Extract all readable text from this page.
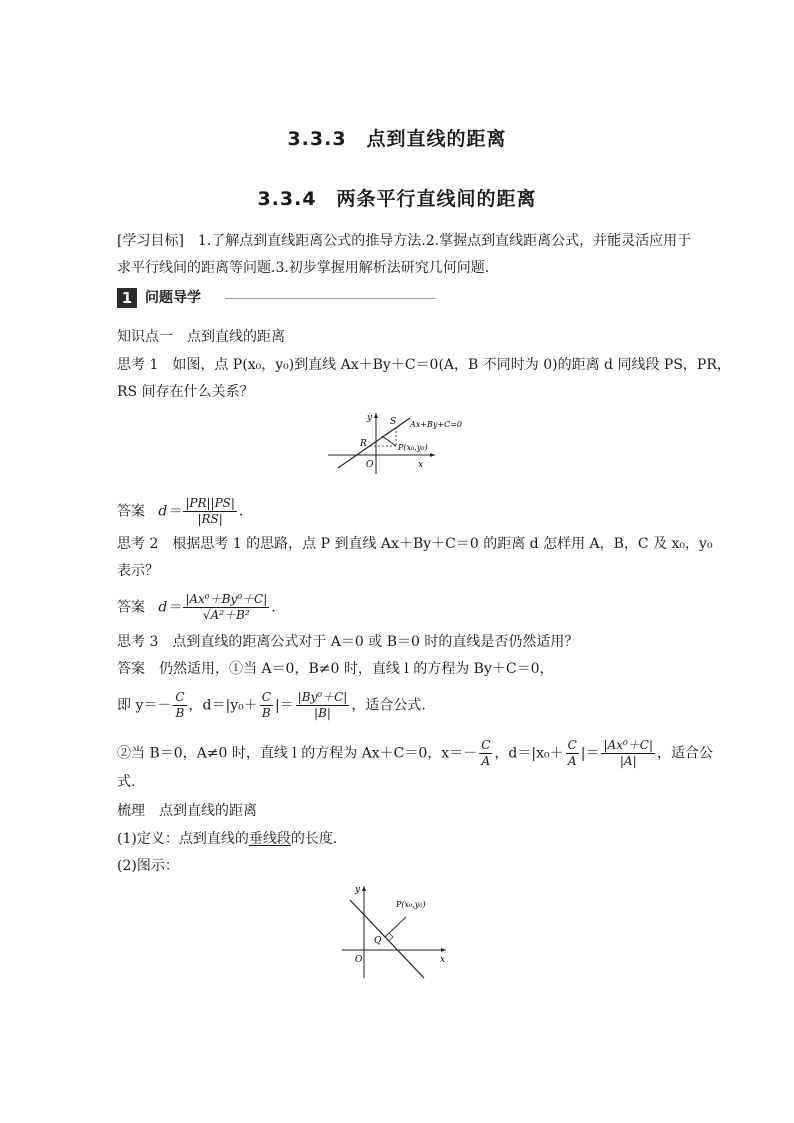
3.3.3　点到直线的距离
3.3.4　两条平行直线间的距离
[学习目标]　1.了解点到直线距离公式的推导方法.2.掌握点到直线距离公式，并能灵活应用于
求平行线间的距离等问题.3.初步掌握用解析法研究几何问题.
1 问题导学
知识点一　点到直线的距离
思考 1　如图，点 P(x₀，y₀)到直线 Ax＋By＋C＝0(A，B 不同时为 0)的距离 d 同线段 PS，PR，
RS 间存在什么关系？
y
x
O
S
R	P(x₀,y₀)
Ax+By+C=0
答案 $d= \frac{|PR||PS|}{|RS|}$ .
思考 2　根据思考 1 的思路，点 P 到直线 Ax＋By＋C＝0 的距离 d 怎样用 A，B，C 及 x₀，y₀
表示？
答案 $d= \frac{\text{|Ax⁰＋By⁰＋C|}}{\text{√A²＋B²}}$ .
思考 3　点到直线的距离公式对于 A＝0 或 B＝0 时的直线是否仍然适用？
答案　仍然适用，①当 A＝0，B≠0 时，直线 l 的方程为 By＋C＝0，
即 $y=- \frac{C}{B}$ ，$d=|y_0+ \frac{C}{B}$ |＝ $\frac{\text{|By⁰＋C|}}{|B|}$ ，适合公式.
②当 B＝0，A≠0 时，直线 l 的方程为 Ax＋C＝0，$x=- \frac{C}{A}$ ，$d=|x_0+ \frac{C}{A}$ |＝ $\frac{\text{|Ax⁰＋C|}}{|A|}$ ，适合公
式.
梳理　点到直线的距离
(1)定义：点到直线的垂线段的长度.
(2)图示：
y
x
O
Q
P(x₀,y₀)
